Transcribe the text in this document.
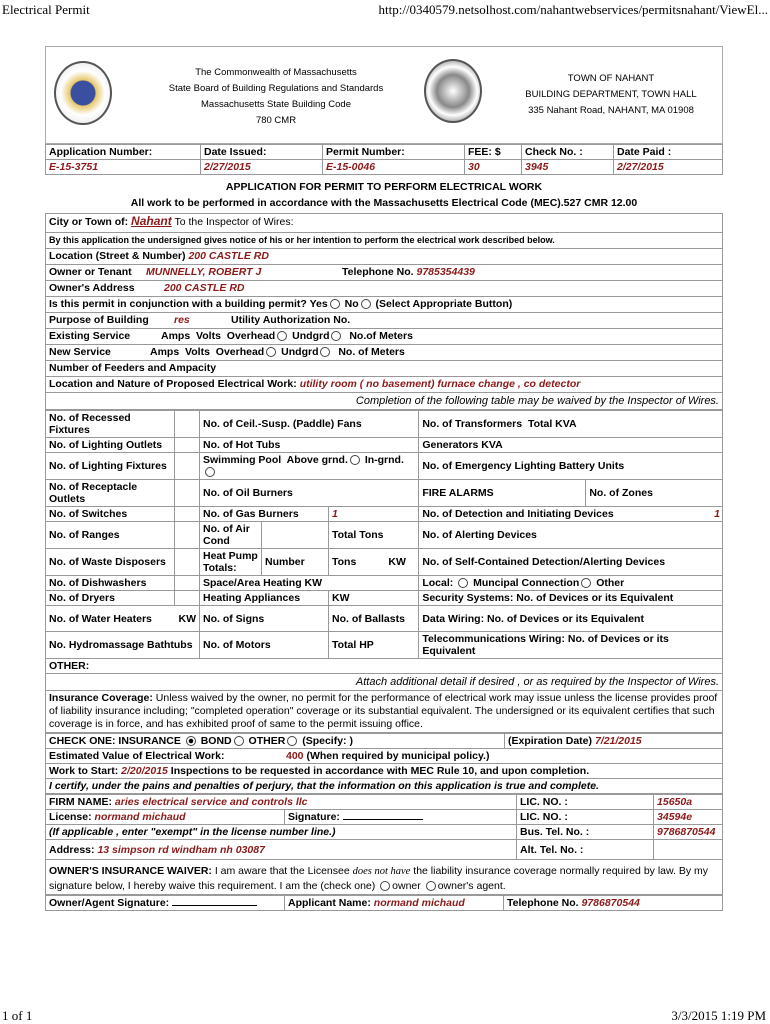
Electrical Permit	http://0340579.netsolhost.com/nahantwebservices/permitsnahant/ViewEl...
The Commonwealth of Massachusetts
State Board of Building Regulations and Standards
Massachusetts State Building Code
780 CMR
TOWN OF NAHANT
BUILDING DEPARTMENT, TOWN HALL
335 Nahant Road, NAHANT, MA 01908
Application Number:	Date Issued:	Permit Number:	FEE: $	Check No. :	Date Paid :
E-15-3751	2/27/2015	E-15-0046	30	3945	2/27/2015
APPLICATION FOR PERMIT TO PERFORM ELECTRICAL WORK
All work to be performed in accordance with the Massachusetts Electrical Code (MEC).527 CMR 12.00
City or Town of: Nahant To the Inspector of Wires:
By this application the undersigned gives notice of his or her intention to perform the electrical work described below.
Location (Street & Number) 200 CASTLE RD
Owner or Tenant MUNNELLY, ROBERT J	Telephone No. 9785354439
Owner's Address	200 CASTLE RD
Is this permit in conjunction with a building permit? Yes No (Select Appropriate Button)
Purpose of Building res	Utility Authorization No.
Existing Service	Amps Volts Overhead Undgrd No.of Meters
New Service	Amps Volts Overhead Undgrd No. of Meters
Number of Feeders and Ampacity
Location and Nature of Proposed Electrical Work: utility room ( no basement) furnace change , co detector
Completion of the following table may be waived by the Inspector of Wires.
No. of Recessed Fixtures		No. of Ceil.-Susp. (Paddle) Fans			No. of Transformers Total KVA	
No. of Lighting Outlets		No. of Hot Tubs			Generators KVA	
No. of Lighting Fixtures		Swimming Pool Above grnd. In-grnd.			No. of Emergency Lighting Battery Units	
No. of Receptacle Outlets		No. of Oil Burners			FIRE ALARMS	No. of Zones
No. of Switches		No. of Gas Burners		1	No. of Detection and Initiating Devices 1	

No. of Ranges		No. of Air Cond		Total Tons	No. of Alerting Devices	
No. of Waste Disposers		Heat Pump Totals:	Number	Tons KW	No. of Self-Contained Detection/Alerting Devices	
No. of Dishwashers		Space/Area Heating KW			Local: Muncipal Connection Other	
No. of Dryers		Heating Appliances		KW	Security Systems: No. of Devices or its Equivalent	
No. of Water Heaters KW		No. of Signs		No. of Ballasts	Data Wiring: No. of Devices or its Equivalent	
No. Hydromassage Bathtubs		No. of Motors		Total HP	Telecommunications Wiring: No. of Devices or its Equivalent	
OTHER:						
Attach additional detail if desired , or as required by the Inspector of Wires.
Insurance Coverage: Unless waived by the owner, no permit for the performance of electrical work may issue unless the license provides proof of liability insurance including; "completed operation" coverage or its substantial equivalent. The undersigned or its equivalent certifies that such coverage is in force, and has exhibited proof of same to the permit issuing office.
CHECK ONE: INSURANCE BOND OTHER (Specify: )	(Expiration Date) 7/21/2015
Estimated Value of Electrical Work:	400 (When required by municipal policy.)
Work to Start: 2/20/2015 Inspections to be requested in accordance with MEC Rule 10, and upon completion.
I certify, under the pains and penalties of perjury, that the information on this application is true and complete.
FIRM NAME: aries electrical service and controls llc		LIC. NO. :	15650a
License: normand michaud	Signature:	LIC. NO. :	34594e
(If applicable , enter "exempt" in the license number line.)		Bus. Tel. No. :	9786870544
Address: 13 simpson rd windham nh 03087		Alt. Tel. No. :	
OWNER'S INSURANCE WAIVER: I am aware that the Licensee does not have the liability insurance coverage normally required by law. By my signature below, I hereby waive this requirement. I am the (check one) owner owner's agent.
Owner/Agent Signature:	Applicant Name: normand michaud	Telephone No. 9786870544
1 of 1	3/3/2015 1:19 PM
